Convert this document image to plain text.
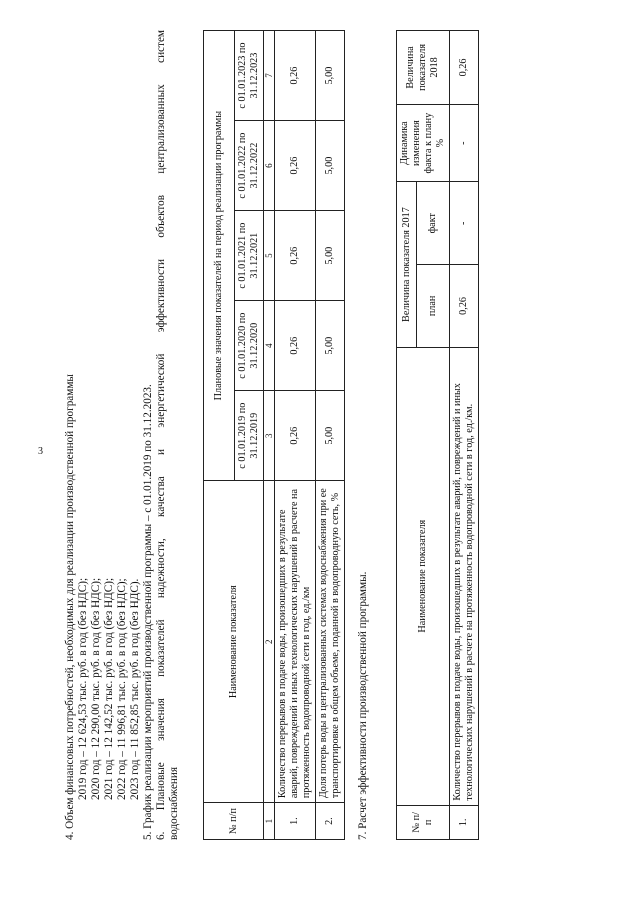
3 4. Объем финансовых потребностей, необходимых для реализации производственной программы 2019 год – 12 624,53 тыс. руб. в год (без НДС); 2020 год – 12 290,00 тыс. руб. в год (без НДС); 2021 год – 12 142,52 тыс. руб. в год (без НДС); 2022 год – 11 996,81 тыс. руб. в год (без НДС); 2023 год – 11 852,85 тыс. руб. в год (без НДС). 5. График реализации мероприятий производственной программы – с 01.01.2019 по 31.12.2023. 6. Плановые значения показателей надежности, качества и энергетической эффективности объектов централизованных систем водоснабжения	№ п/п	Наименование показателя	Плановые значения показателей на период реализации программы				
		с 01.01.2019 по 31.12.2019	с 01.01.2020 по 31.12.2020	с 01.01.2021 по 31.12.2021	с 01.01.2022 по 31.12.2022	с 01.01.2023 по 31.12.2023
1	2	3	4	5	6	7
1.	Количество перерывов в подаче воды, произошедших в результате аварий, повреждений и иных технологических нарушений в расчете на протяженность водопроводной сети в год, ед./км	0,26	0,26	0,26	0,26	0,26
2.	Доля потерь воды в централизованных системах водоснабжения при ее транспортировке в общем объеме, поданной в водопроводную сеть, %	5,00	5,00	5,00	5,00	5,00
7. Расчет эффективности производственной программы.	№ п/п	Наименование показателя	Величина показателя 2017		Динамика изменения факта к плану %	Величина показателя 2018
		план	факт		
1.	Количество перерывов в подаче воды, произошедших в результате аварий, повреждений и иных технологических нарушений в расчете на протяженность водопроводной сети в год, ед./км.	0,26	-	-	0,26
